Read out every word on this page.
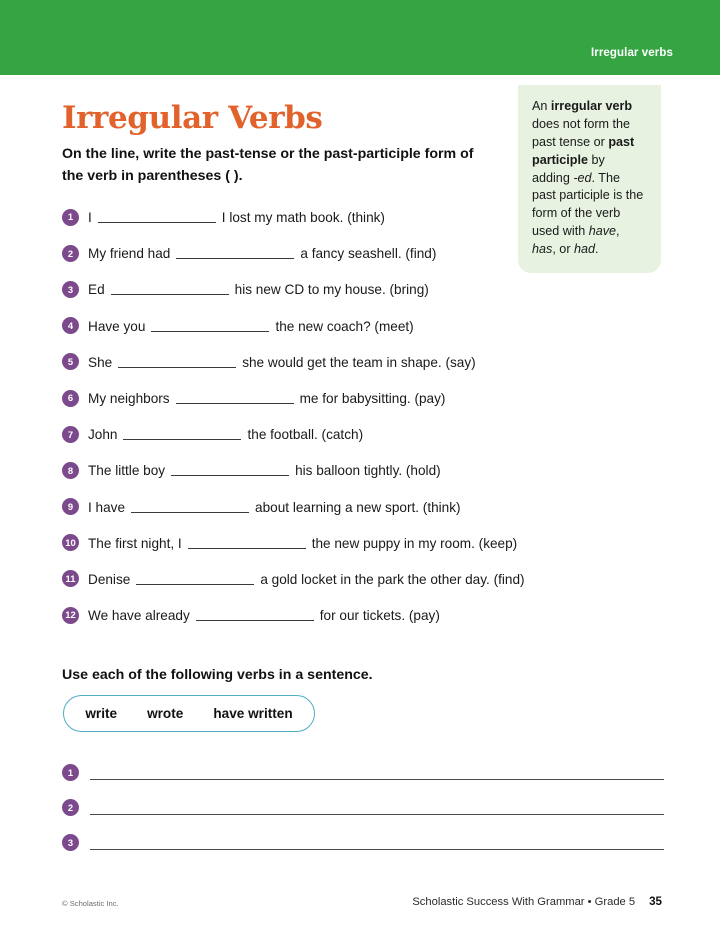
Irregular verbs
An irregular verb does not form the past tense or past participle by adding -ed. The past participle is the form of the verb used with have, has, or had.
Irregular Verbs
On the line, write the past-tense or the past-participle form of the verb in parentheses ( ).
1	I	I lost my math book. (think)
2	My friend had	a fancy seashell. (find)
3	Ed	his new CD to my house. (bring)
4	Have you	the new coach? (meet)
5	She	she would get the team in shape. (say)
6	My neighbors	me for babysitting. (pay)
7	John	the football. (catch)
8	The little boy	his balloon tightly. (hold)
9	I have	about learning a new sport. (think)
10 The first night, I	the new puppy in my room. (keep)
11 Denise	a gold locket in the park the other day. (find)
12 We have already	for our tickets. (pay)
Use each of the following verbs in a sentence.
write wrote have written
1
2
3
© Scholastic Inc.	Scholastic Success With Grammar • Grade 5 35
